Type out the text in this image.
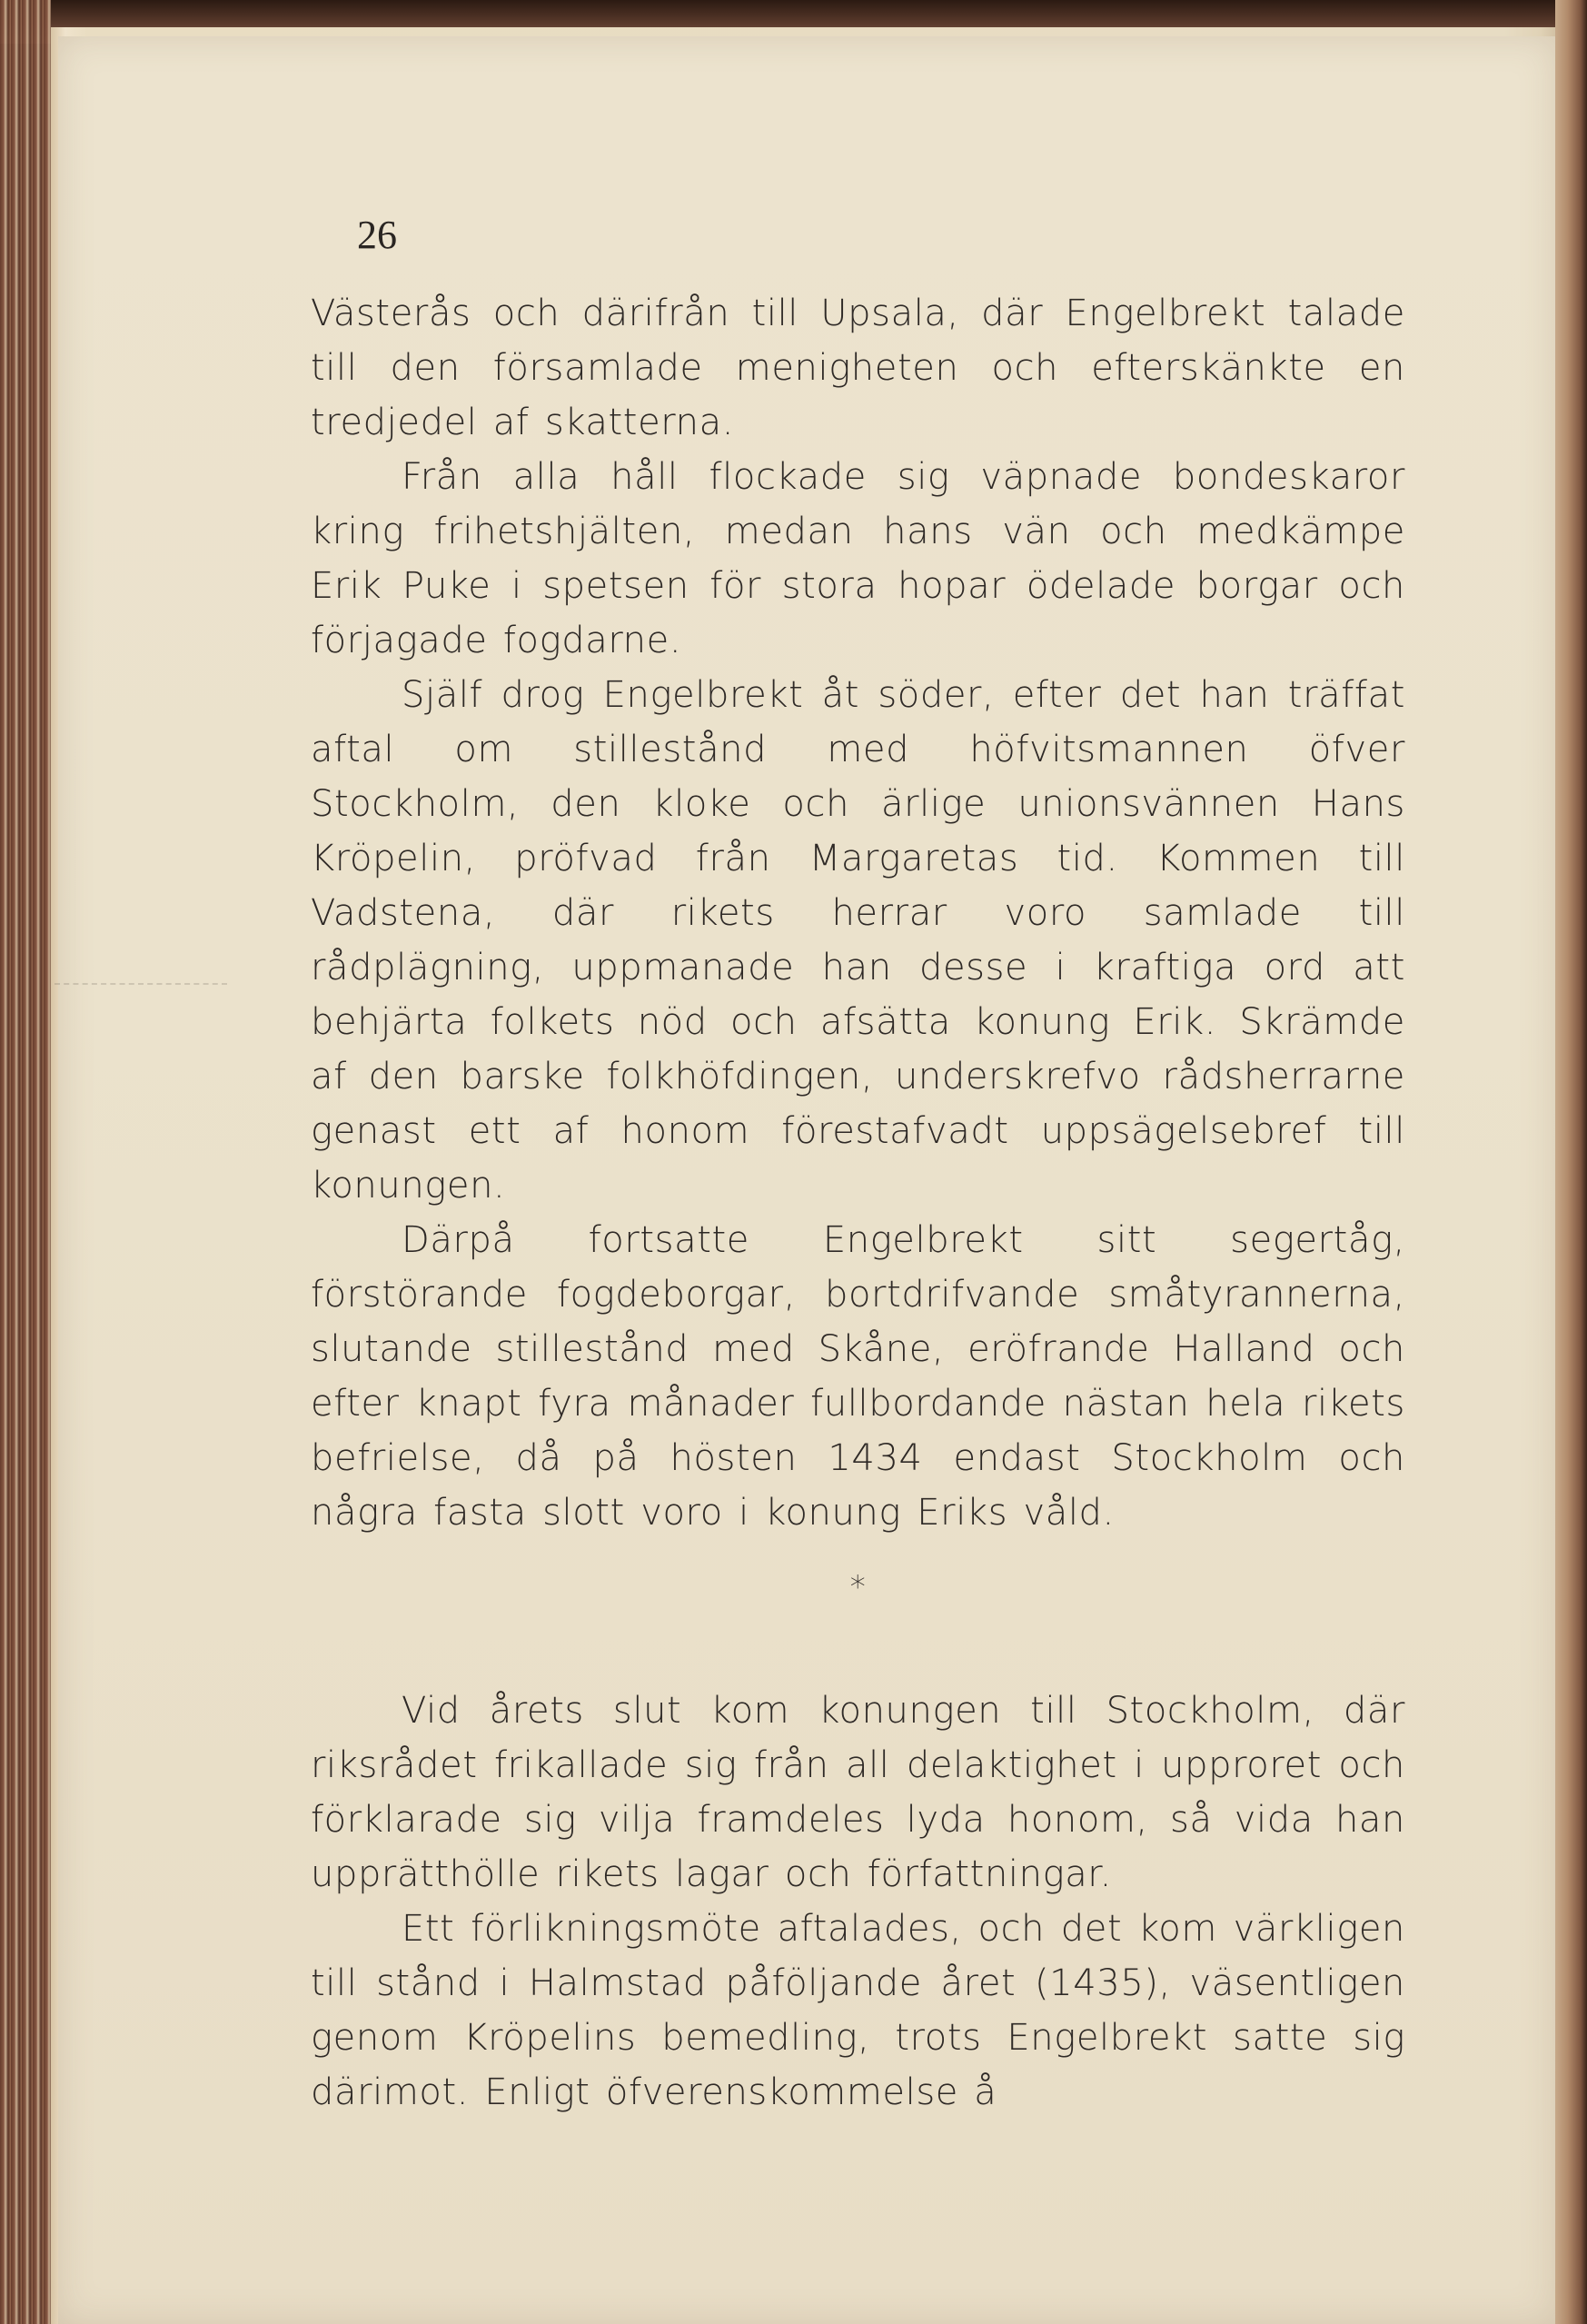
26

Västerås och därifrån till Upsala, där Engelbrekt talade till den församlade menigheten och efterskänkte en tredjedel af skatterna.

Från alla håll flockade sig väpnade bondeskaror kring frihetshjälten, medan hans vän och medkämpe Erik Puke i spetsen för stora hopar ödelade borgar och förjagade fogdarne.

Själf drog Engelbrekt åt söder, efter det han träffat aftal om stillestånd med höfvitsmannen öfver Stockholm, den kloke och ärlige unionsvännen Hans Kröpelin, pröfvad från Margaretas tid. Kommen till Vadstena, där rikets herrar voro samlade till rådplägning, uppmanade han desse i kraftiga ord att behjärta folkets nöd och afsätta konung Erik. Skrämde af den barske folkhöfdingen, underskrefvo rådsherrarne genast ett af honom förestafvadt uppsägelsebref till konungen.

Därpå fortsatte Engelbrekt sitt segertåg, förstörande fogdeborgar, bortdrifvande småtyrannerna, slutande stillestånd med Skåne, eröfrande Halland och efter knapt fyra månader fullbordande nästan hela rikets befrielse, då på hösten 1434 endast Stockholm och några fasta slott voro i konung Eriks våld.

*

Vid årets slut kom konungen till Stockholm, där riksrådet frikallade sig från all delaktighet i upproret och förklarade sig vilja framdeles lyda honom, så vida han upprätthölle rikets lagar och författningar.

Ett förlikningsmöte aftalades, och det kom värkligen till stånd i Halmstad påföljande året (1435), väsentligen genom Kröpelins bemedling, trots Engelbrekt satte sig därimot. Enligt öfverenskommelse å
